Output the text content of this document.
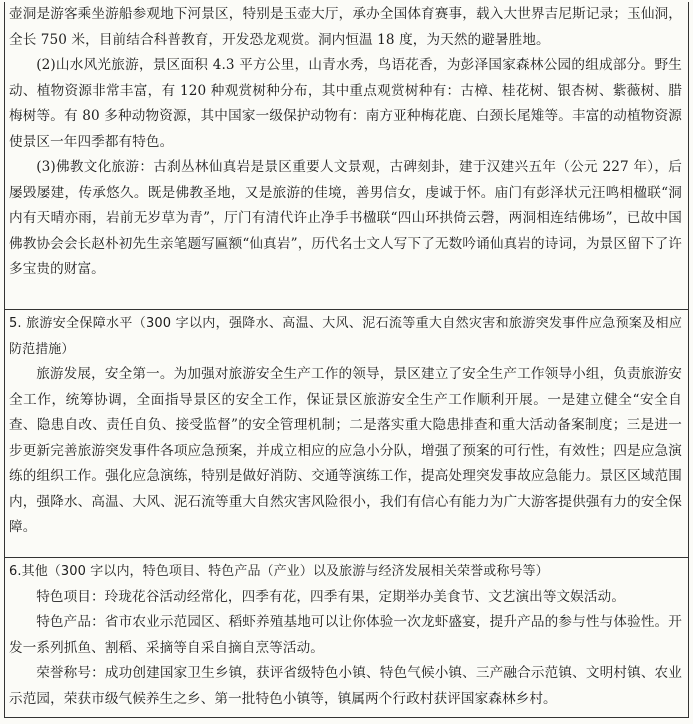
壶洞是游客乘坐游船参观地下河景区，特别是玉壶大厅，承办全国体育赛事，载入大世界吉尼斯记录；玉仙洞，全长 750 米，目前结合科普教育，开发恐龙观赏。洞内恒温 18 度，为天然的避暑胜地。

(2)山水风光旅游，景区面积 4.3 平方公里，山青水秀，鸟语花香，为彭泽国家森林公园的组成部分。野生动、植物资源非常丰富，有 120 种观赏树种分布，其中重点观赏树种有：古樟、桂花树、银杏树、紫薇树、腊梅树等。有 80 多种动物资源，其中国家一级保护动物有：南方亚种梅花鹿、白颈长尾雉等。丰富的动植物资源使景区一年四季都有特色。

(3)佛教文化旅游：古刹丛林仙真岩是景区重要人文景观，古碑刻卦，建于汉建兴五年（公元 227 年），后屡毁屡建，传承悠久。既是佛教圣地，又是旅游的佳境，善男信女，虔诚于怀。庙门有彭泽状元汪鸣相楹联“洞内有天晴亦雨，岩前无岁草为青”，厅门有清代许止净手书楹联“四山环拱倚云磬，两洞相连结佛场”，已故中国佛教协会会长赵朴初先生亲笔题写匾额“仙真岩”，历代名士文人写下了无数吟诵仙真岩的诗词，为景区留下了许多宝贵的财富。

5. 旅游安全保障水平（300 字以内，强降水、高温、大风、泥石流等重大自然灾害和旅游突发事件应急预案及相应防范措施）

旅游发展，安全第一。为加强对旅游安全生产工作的领导，景区建立了安全生产工作领导小组，负责旅游安全工作，统筹协调，全面指导景区的安全工作，保证景区旅游安全生产工作顺利开展。一是建立健全“安全自查、隐患自改、责任自负、接受监督”的安全管理机制；二是落实重大隐患排查和重大活动备案制度；三是进一步更新完善旅游突发事件各项应急预案，并成立相应的应急小分队，增强了预案的可行性，有效性；四是应急演练的组织工作。强化应急演练，特别是做好消防、交通等演练工作，提高处理突发事故应急能力。景区区域范围内，强降水、高温、大风、泥石流等重大自然灾害风险很小，我们有信心有能力为广大游客提供强有力的安全保障。

6.其他（300 字以内，特色项目、特色产品（产业）以及旅游与经济发展相关荣誉或称号等）

特色项目：玲珑花谷活动经常化，四季有花，四季有果，定期举办美食节、文艺演出等文娱活动。

特色产品：省市农业示范园区、稻虾养殖基地可以让你体验一次龙虾盛宴，提升产品的参与性与体验性。开发一系列抓鱼、割稻、采摘等自采自摘自烹等活动。

荣誉称号：成功创建国家卫生乡镇，获评省级特色小镇、特色气候小镇、三产融合示范镇、文明村镇、农业示范园，荣获市级气候养生之乡、第一批特色小镇等，镇属两个行政村获评国家森林乡村。
